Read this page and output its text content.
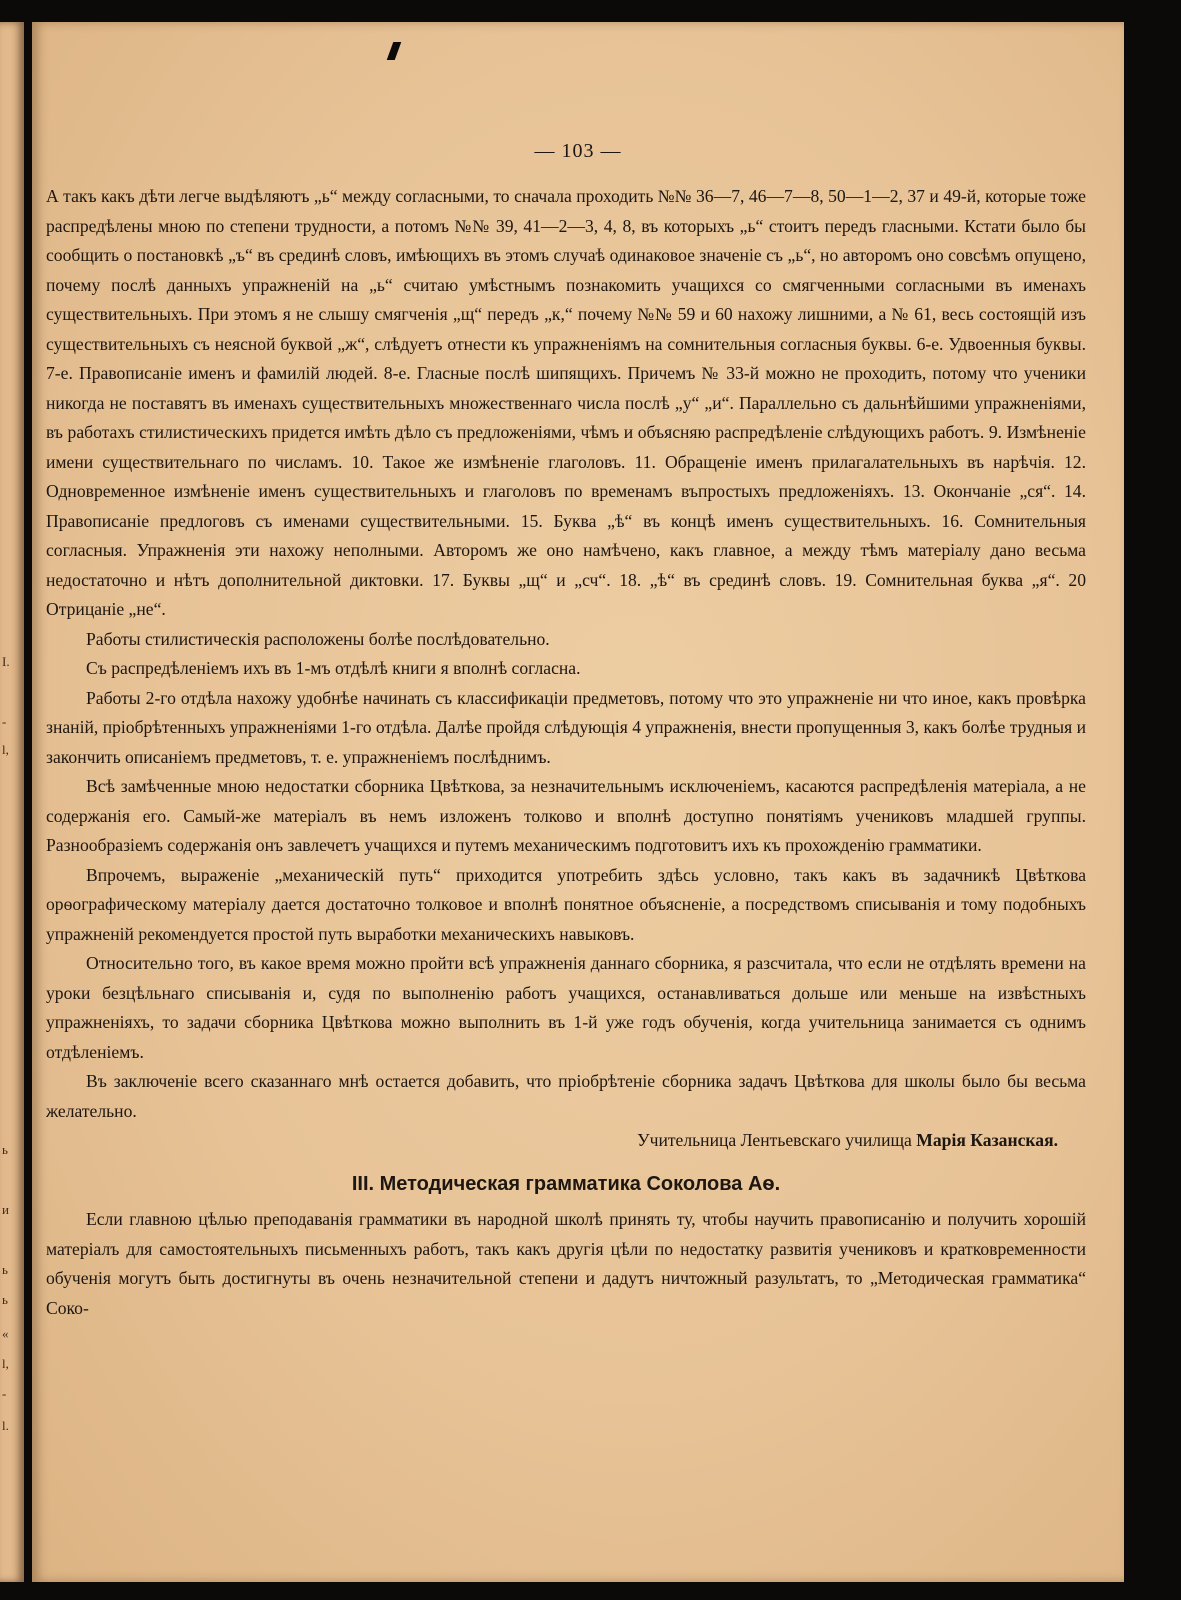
I.
-
l,
ь
и
ь
ь
«
l,
-
l.
— 103 —

А такъ какъ дѣти легче выдѣляютъ „ь“ между согласными, то сначала проходить №№ 36—7, 46—7—8, 50—1—2, 37 и 49-й, которые тоже распредѣлены мною по степени трудности, а потомъ №№ 39, 41—2—3, 4, 8, въ которыхъ „ь“ стоитъ передъ гласными. Кстати было бы сообщить о постановкѣ „ъ“ въ срединѣ словъ, имѣющихъ въ этомъ случаѣ одинаковое значенiе съ „ь“, но авторомъ оно совсѣмъ опущено, почему послѣ данныхъ упражненiй на „ь“ считаю умѣстнымъ познакомить учащихся со смягченными согласными въ именахъ существительныхъ. При этомъ я не слышу смягченiя „щ“ передъ „к,“ почему №№ 59 и 60 нахожу лишними, а № 61, весь состоящiй изъ существительныхъ съ неясной буквой „ж“, слѣдуетъ отнести къ упражненiямъ на сомнительныя согласныя буквы. 6-е. Удвоенныя буквы. 7-е. Правописанiе именъ и фамилiй людей. 8-е. Гласные послѣ шипящихъ. Причемъ № 33-й можно не проходить, потому что ученики никогда не поставятъ въ именахъ существительныхъ множественнаго числа послѣ „у“ „и“. Параллельно съ дальнѣйшими упражненiями, въ работахъ стилистическихъ придется имѣть дѣло съ предложенiями, чѣмъ и объясняю распредѣленiе слѣдующихъ работъ. 9. Измѣненiе имени существительнаго по числамъ. 10. Такое же измѣненiе глаголовъ. 11. Обращенiе именъ прилагалательныхъ въ нарѣчiя. 12. Одновременное измѣненiе именъ существительныхъ и глаголовъ по временамъ въпростыхъ предложенiяхъ. 13. Окончанiе „ся“. 14. Правописанiе предлоговъ съ именами существительными. 15. Буква „ѣ“ въ концѣ именъ существительныхъ. 16. Сомнительныя согласныя. Упражненiя эти нахожу неполными. Авторомъ же оно намѣчено, какъ главное, а между тѣмъ матерiалу дано весьма недостаточно и нѣтъ дополнительной диктовки. 17. Буквы „щ“ и „сч“. 18. „ѣ“ въ срединѣ словъ. 19. Сомнительная буква „я“. 20 Отрицанiе „не“.

Работы стилистическiя расположены болѣе послѣдовательно.

Съ распредѣленiемъ ихъ въ 1-мъ отдѣлѣ книги я вполнѣ согласна.

Работы 2-го отдѣла нахожу удобнѣе начинать съ классификацiи предметовъ, потому что это упражненiе ни что иное, какъ провѣрка знанiй, прiобрѣтенныхъ упражненiями 1-го отдѣла. Далѣе пройдя слѣдующiя 4 упражненiя, внести пропущенныя 3, какъ болѣе трудныя и закончить описанiемъ предметовъ, т. е. упражненiемъ послѣднимъ.

Всѣ замѣченные мною недостатки сборника Цвѣткова, за незначительнымъ исключенiемъ, касаются распредѣленiя матерiала, а не содержанiя его. Самый-же матерiалъ въ немъ изложенъ толково и вполнѣ доступно понятiямъ учениковъ младшей группы. Разнообразiемъ содержанiя онъ завлечетъ учащихся и путемъ механическимъ подготовитъ ихъ къ прохожденiю грамматики.

Впрочемъ, выраженiе „механическiй путь“ приходится употребить здѣсь условно, такъ какъ въ задачникѣ Цвѣткова орѳографическому матерiалу дается достаточно толковое и вполнѣ понятное объясненiе, а посредствомъ списыванiя и тому подобныхъ упражненiй рекомендуется простой путь выработки механическихъ навыковъ.

Относительно того, въ какое время можно пройти всѣ упражненiя даннаго сборника, я разсчитала, что если не отдѣлять времени на уроки безцѣльнаго списыванiя и, судя по выполненiю работъ учащихся, останавливаться дольше или меньше на извѣстныхъ упражненiяхъ, то задачи сборника Цвѣткова можно выполнить въ 1-й уже годъ обученiя, когда учительница занимается съ однимъ отдѣленiемъ.

Въ заключенiе всего сказаннаго мнѣ остается добавить, что прiобрѣтенiе сборника задачъ Цвѣткова для школы было бы весьма желательно.

Учительница Лентьевскаго училища Марiя Казанская.

III. Методическая грамматика Соколова Аѳ.

Если главною цѣлью преподаванiя грамматики въ народной школѣ принять ту, чтобы научить правописанiю и получить хорошiй матерiалъ для самостоятельныхъ письменныхъ работъ, такъ какъ другiя цѣли по недостатку развитiя учениковъ и кратковременности обученiя могутъ быть достигнуты въ очень незначительной степени и дадутъ ничтожный разультатъ, то „Методическая грамматика“ Соко-
